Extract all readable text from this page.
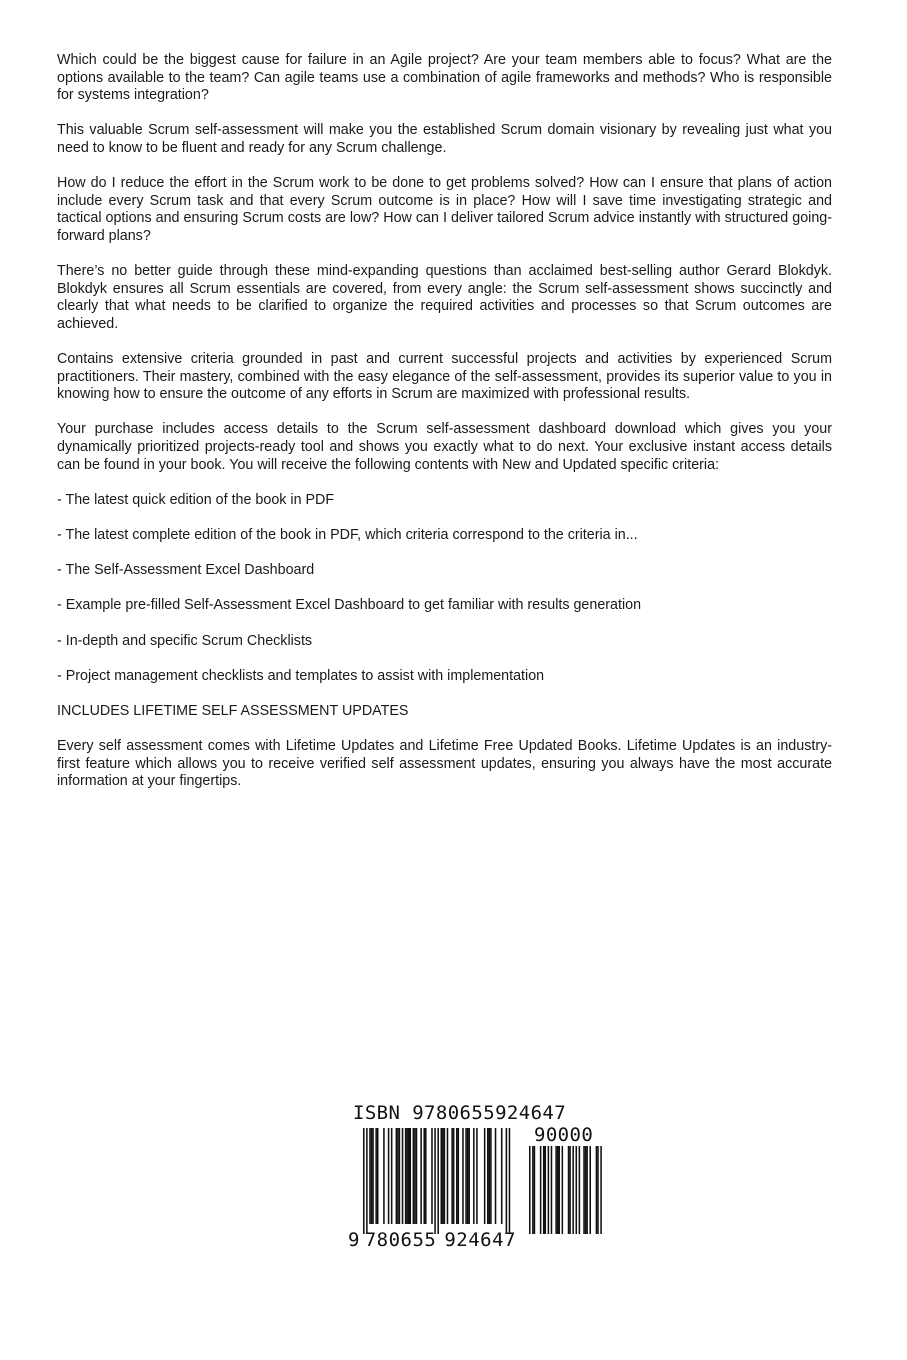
Which could be the biggest cause for failure in an Agile project? Are your team members able to focus? What are the options available to the team? Can agile teams use a combination of agile frameworks and methods? Who is responsible for systems integration?

This valuable Scrum self-assessment will make you the established Scrum domain visionary by revealing just what you need to know to be fluent and ready for any Scrum challenge.

How do I reduce the effort in the Scrum work to be done to get problems solved? How can I ensure that plans of action include every Scrum task and that every Scrum outcome is in place? How will I save time investigating strategic and tactical options and ensuring Scrum costs are low? How can I deliver tailored Scrum advice instantly with structured going-forward plans?

There’s no better guide through these mind-expanding questions than acclaimed best-selling author Gerard Blokdyk. Blokdyk ensures all Scrum essentials are covered, from every angle: the Scrum self-assessment shows succinctly and clearly that what needs to be clarified to organize the required activities and processes so that Scrum outcomes are achieved.

Contains extensive criteria grounded in past and current successful projects and activities by experienced Scrum practitioners. Their mastery, combined with the easy elegance of the self-assessment, provides its superior value to you in knowing how to ensure the outcome of any efforts in Scrum are maximized with professional results.

Your purchase includes access details to the Scrum self-assessment dashboard download which gives you your dynamically prioritized projects-ready tool and shows you exactly what to do next. Your exclusive instant access details can be found in your book. You will receive the following contents with New and Updated specific criteria:

- The latest quick edition of the book in PDF

- The latest complete edition of the book in PDF, which criteria correspond to the criteria in...

- The Self-Assessment Excel Dashboard

- Example pre-filled Self-Assessment Excel Dashboard to get familiar with results generation

- In-depth and specific Scrum Checklists

- Project management checklists and templates to assist with implementation

INCLUDES LIFETIME SELF ASSESSMENT UPDATES

Every self assessment comes with Lifetime Updates and Lifetime Free Updated Books. Lifetime Updates is an industry-first feature which allows you to receive verified self assessment updates, ensuring you always have the most accurate information at your fingertips.

ISBN 9780655924647
90000
9 780655 924647
